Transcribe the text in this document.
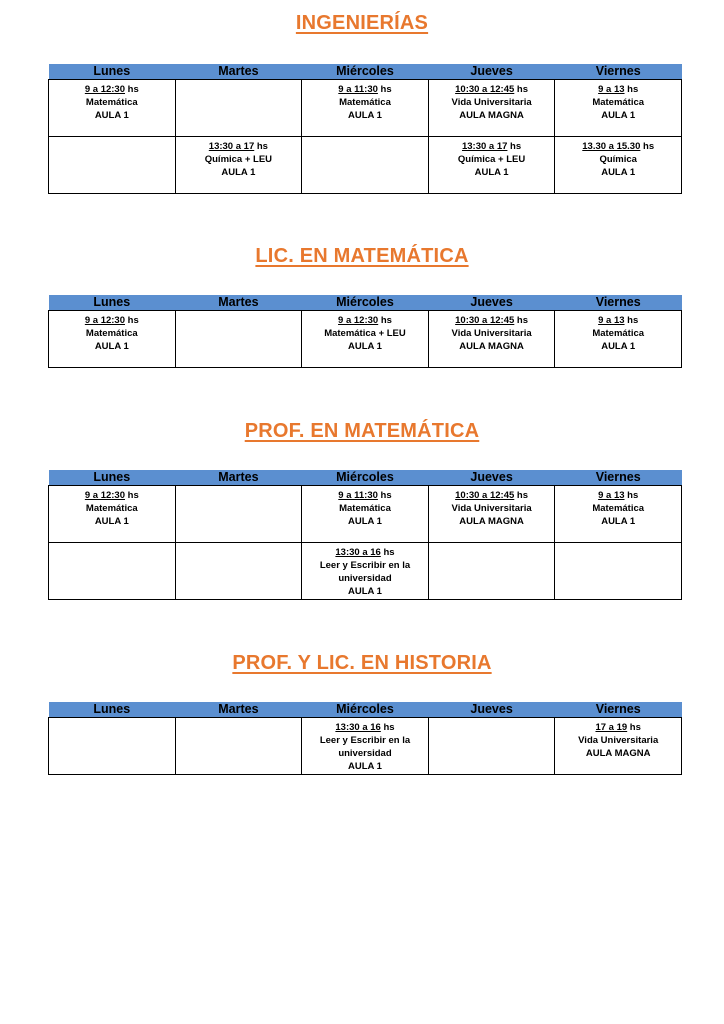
INGENIERÍAS
Lunes	Martes	Miércoles	Jueves	Viernes

9 a 12:30 hs
Matemática
AULA 1		9 a 11:30 hs
Matemática
AULA 1	10:30 a 12:45 hs
Vida Universitaria
AULA MAGNA	9 a 13 hs
Matemática
AULA 1

	13:30 a 17 hs
Química + LEU
AULA 1		13:30 a 17 hs
Química + LEU
AULA 1	13.30 a 15.30 hs
Química
AULA 1
LIC. EN MATEMÁTICA
Lunes	Martes	Miércoles	Jueves	Viernes

9 a 12:30 hs
Matemática
AULA 1		9 a 12:30 hs
Matemática + LEU
AULA 1	10:30 a 12:45 hs
Vida Universitaria
AULA MAGNA	9 a 13 hs
Matemática
AULA 1
PROF. EN MATEMÁTICA
Lunes	Martes	Miércoles	Jueves	Viernes

9 a 12:30 hs
Matemática
AULA 1		9 a 11:30 hs
Matemática
AULA 1	10:30 a 12:45 hs
Vida Universitaria
AULA MAGNA	9 a 13 hs
Matemática
AULA 1

		13:30 a 16 hs
Leer y Escribir en la
universidad
AULA 1		

PROF. Y LIC. EN HISTORIA
Lunes	Martes	Miércoles	Jueves	Viernes

		13:30 a 16 hs
Leer y Escribir en la
universidad
AULA 1		17 a 19 hs
Vida Universitaria
AULA MAGNA
